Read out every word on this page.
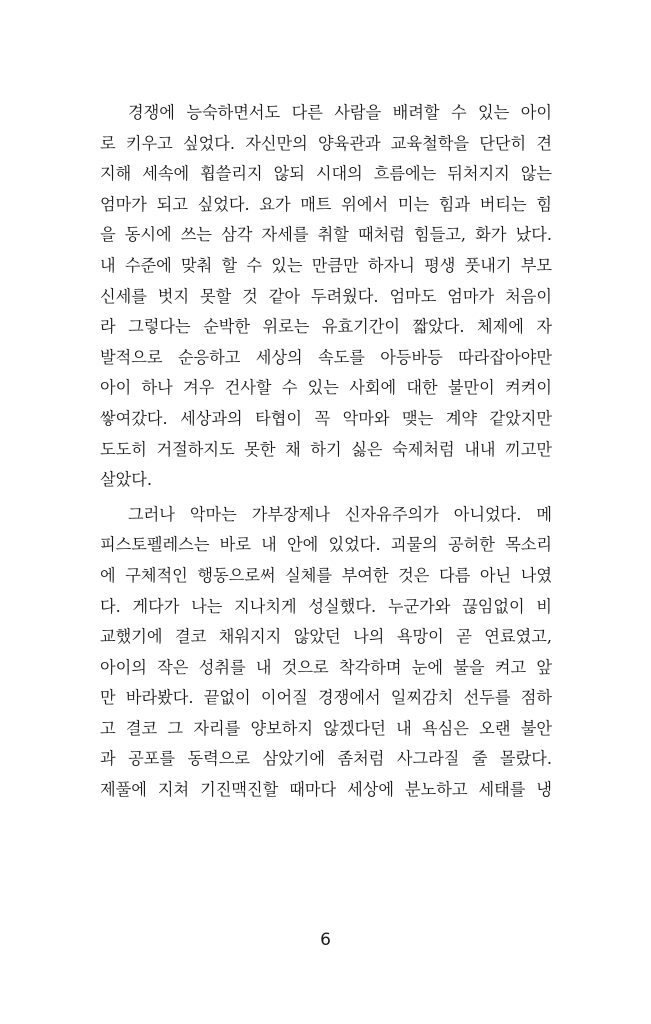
경쟁에 능숙하면서도 다른 사람을 배려할 수 있는 아이
로 키우고 싶었다. 자신만의 양육관과 교육철학을 단단히 견
지해 세속에 휩쓸리지 않되 시대의 흐름에는 뒤처지지 않는
엄마가 되고 싶었다. 요가 매트 위에서 미는 힘과 버티는 힘
을 동시에 쓰는 삼각 자세를 취할 때처럼 힘들고, 화가 났다.
내 수준에 맞춰 할 수 있는 만큼만 하자니 평생 풋내기 부모
신세를 벗지 못할 것 같아 두려웠다. 엄마도 엄마가 처음이
라 그렇다는 순박한 위로는 유효기간이 짧았다. 체제에 자
발적으로 순응하고 세상의 속도를 아등바등 따라잡아야만
아이 하나 겨우 건사할 수 있는 사회에 대한 불만이 켜켜이
쌓여갔다. 세상과의 타협이 꼭 악마와 맺는 계약 같았지만
도도히 거절하지도 못한 채 하기 싫은 숙제처럼 내내 끼고만
살았다.
그러나 악마는 가부장제나 신자유주의가 아니었다. 메
피스토펠레스는 바로 내 안에 있었다. 괴물의 공허한 목소리
에 구체적인 행동으로써 실체를 부여한 것은 다름 아닌 나였
다. 게다가 나는 지나치게 성실했다. 누군가와 끊임없이 비
교했기에 결코 채워지지 않았던 나의 욕망이 곧 연료였고,
아이의 작은 성취를 내 것으로 착각하며 눈에 불을 켜고 앞
만 바라봤다. 끝없이 이어질 경쟁에서 일찌감치 선두를 점하
고 결코 그 자리를 양보하지 않겠다던 내 욕심은 오랜 불안
과 공포를 동력으로 삼았기에 좀처럼 사그라질 줄 몰랐다.
제풀에 지쳐 기진맥진할 때마다 세상에 분노하고 세태를 냉
6
